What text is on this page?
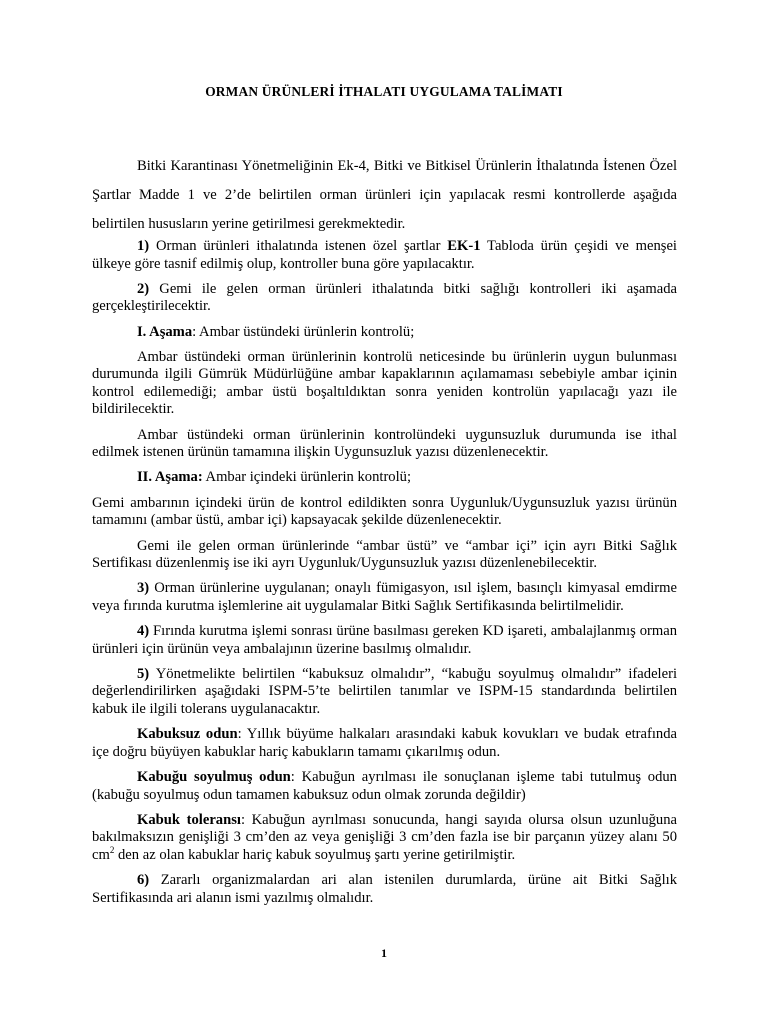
ORMAN ÜRÜNLERİ İTHALATI UYGULAMA TALİMATI
Bitki Karantinası Yönetmeliğinin Ek-4, Bitki ve Bitkisel Ürünlerin İthalatında İstenen Özel Şartlar Madde 1 ve 2’de belirtilen orman ürünleri için yapılacak resmi kontrollerde aşağıda belirtilen hususların yerine getirilmesi gerekmektedir.

1) Orman ürünleri ithalatında istenen özel şartlar EK-1 Tabloda ürün çeşidi ve menşei ülkeye göre tasnif edilmiş olup, kontroller buna göre yapılacaktır.

2) Gemi ile gelen orman ürünleri ithalatında bitki sağlığı kontrolleri iki aşamada gerçekleştirilecektir.

I. Aşama: Ambar üstündeki ürünlerin kontrolü;

Ambar üstündeki orman ürünlerinin kontrolü neticesinde bu ürünlerin uygun bulunması durumunda ilgili Gümrük Müdürlüğüne ambar kapaklarının açılamaması sebebiyle ambar içinin kontrol edilemediği; ambar üstü boşaltıldıktan sonra yeniden kontrolün yapılacağı yazı ile bildirilecektir.

Ambar üstündeki orman ürünlerinin kontrolündeki uygunsuzluk durumunda ise ithal edilmek istenen ürünün tamamına ilişkin Uygunsuzluk yazısı düzenlenecektir.

II. Aşama: Ambar içindeki ürünlerin kontrolü;

Gemi ambarının içindeki ürün de kontrol edildikten sonra Uygunluk/Uygunsuzluk yazısı ürünün tamamını (ambar üstü, ambar içi) kapsayacak şekilde düzenlenecektir.

Gemi ile gelen orman ürünlerinde “ambar üstü” ve “ambar içi” için ayrı Bitki Sağlık Sertifikası düzenlenmiş ise iki ayrı Uygunluk/Uygunsuzluk yazısı düzenlenebilecektir.

3) Orman ürünlerine uygulanan; onaylı fümigasyon, ısıl işlem, basınçlı kimyasal emdirme veya fırında kurutma işlemlerine ait uygulamalar Bitki Sağlık Sertifikasında belirtilmelidir.

4) Fırında kurutma işlemi sonrası ürüne basılması gereken KD işareti, ambalajlanmış orman ürünleri için ürünün veya ambalajının üzerine basılmış olmalıdır.

5) Yönetmelikte belirtilen “kabuksuz olmalıdır”, “kabuğu soyulmuş olmalıdır” ifadeleri değerlendirilirken aşağıdaki ISPM-5’te belirtilen tanımlar ve ISPM-15 standardında belirtilen kabuk ile ilgili tolerans uygulanacaktır.

Kabuksuz odun: Yıllık büyüme halkaları arasındaki kabuk kovukları ve budak etrafında içe doğru büyüyen kabuklar hariç kabukların tamamı çıkarılmış odun.

Kabuğu soyulmuş odun: Kabuğun ayrılması ile sonuçlanan işleme tabi tutulmuş odun (kabuğu soyulmuş odun tamamen kabuksuz odun olmak zorunda değildir)

Kabuk toleransı: Kabuğun ayrılması sonucunda, hangi sayıda olursa olsun uzunluğuna bakılmaksızın genişliği 3 cm’den az veya genişliği 3 cm’den fazla ise bir parçanın yüzey alanı 50 $cm^2$ den az olan kabuklar hariç kabuk soyulmuş şartı yerine getirilmiştir.

6) Zararlı organizmalardan ari alan istenilen durumlarda, ürüne ait Bitki Sağlık Sertifikasında ari alanın ismi yazılmış olmalıdır.

1
